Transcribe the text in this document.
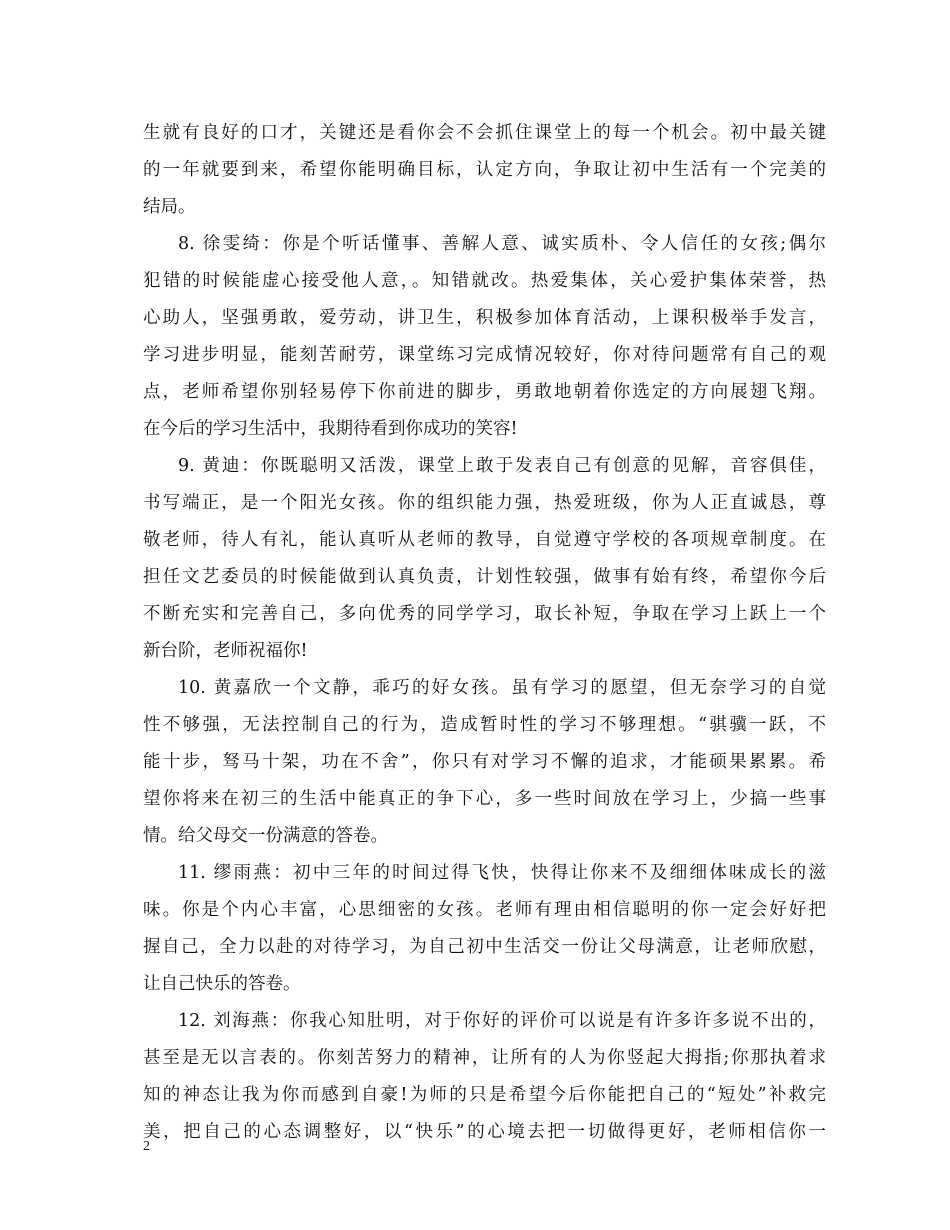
生就有良好的口才，关键还是看你会不会抓住课堂上的每一个机会。初中最关键
的一年就要到来，希望你能明确目标，认定方向，争取让初中生活有一个完美的
结局。
8. 徐雯绮：你是个听话懂事、善解人意、诚实质朴、令人信任的女孩;偶尔
犯错的时候能虚心接受他人意，。知错就改。热爱集体，关心爱护集体荣誉，热
心助人，坚强勇敢，爱劳动，讲卫生，积极参加体育活动，上课积极举手发言，
学习进步明显，能刻苦耐劳，课堂练习完成情况较好，你对待问题常有自己的观
点，老师希望你别轻易停下你前进的脚步，勇敢地朝着你选定的方向展翅飞翔。
在今后的学习生活中，我期待看到你成功的笑容!
9. 黄迪：你既聪明又活泼，课堂上敢于发表自己有创意的见解，音容俱佳，
书写端正，是一个阳光女孩。你的组织能力强，热爱班级，你为人正直诚恳，尊
敬老师，待人有礼，能认真听从老师的教导，自觉遵守学校的各项规章制度。在
担任文艺委员的时候能做到认真负责，计划性较强，做事有始有终，希望你今后
不断充实和完善自己，多向优秀的同学学习，取长补短，争取在学习上跃上一个
新台阶，老师祝福你!
10. 黄嘉欣一个文静，乖巧的好女孩。虽有学习的愿望，但无奈学习的自觉
性不够强，无法控制自己的行为，造成暂时性的学习不够理想。“骐骥一跃，不
能十步，驽马十架，功在不舍”，你只有对学习不懈的追求，才能硕果累累。希
望你将来在初三的生活中能真正的争下心，多一些时间放在学习上，少搞一些事
情。给父母交一份满意的答卷。
11. 缪雨燕：初中三年的时间过得飞快，快得让你来不及细细体味成长的滋
味。你是个内心丰富，心思细密的女孩。老师有理由相信聪明的你一定会好好把
握自己，全力以赴的对待学习，为自己初中生活交一份让父母满意，让老师欣慰，
让自己快乐的答卷。
12. 刘海燕：你我心知肚明，对于你好的评价可以说是有许多许多说不出的，
甚至是无以言表的。你刻苦努力的精神，让所有的人为你竖起大拇指;你那执着求
知的神态让我为你而感到自豪!为师的只是希望今后你能把自己的“短处”补救完
美，把自己的心态调整好，以“快乐”的心境去把一切做得更好，老师相信你一
2
